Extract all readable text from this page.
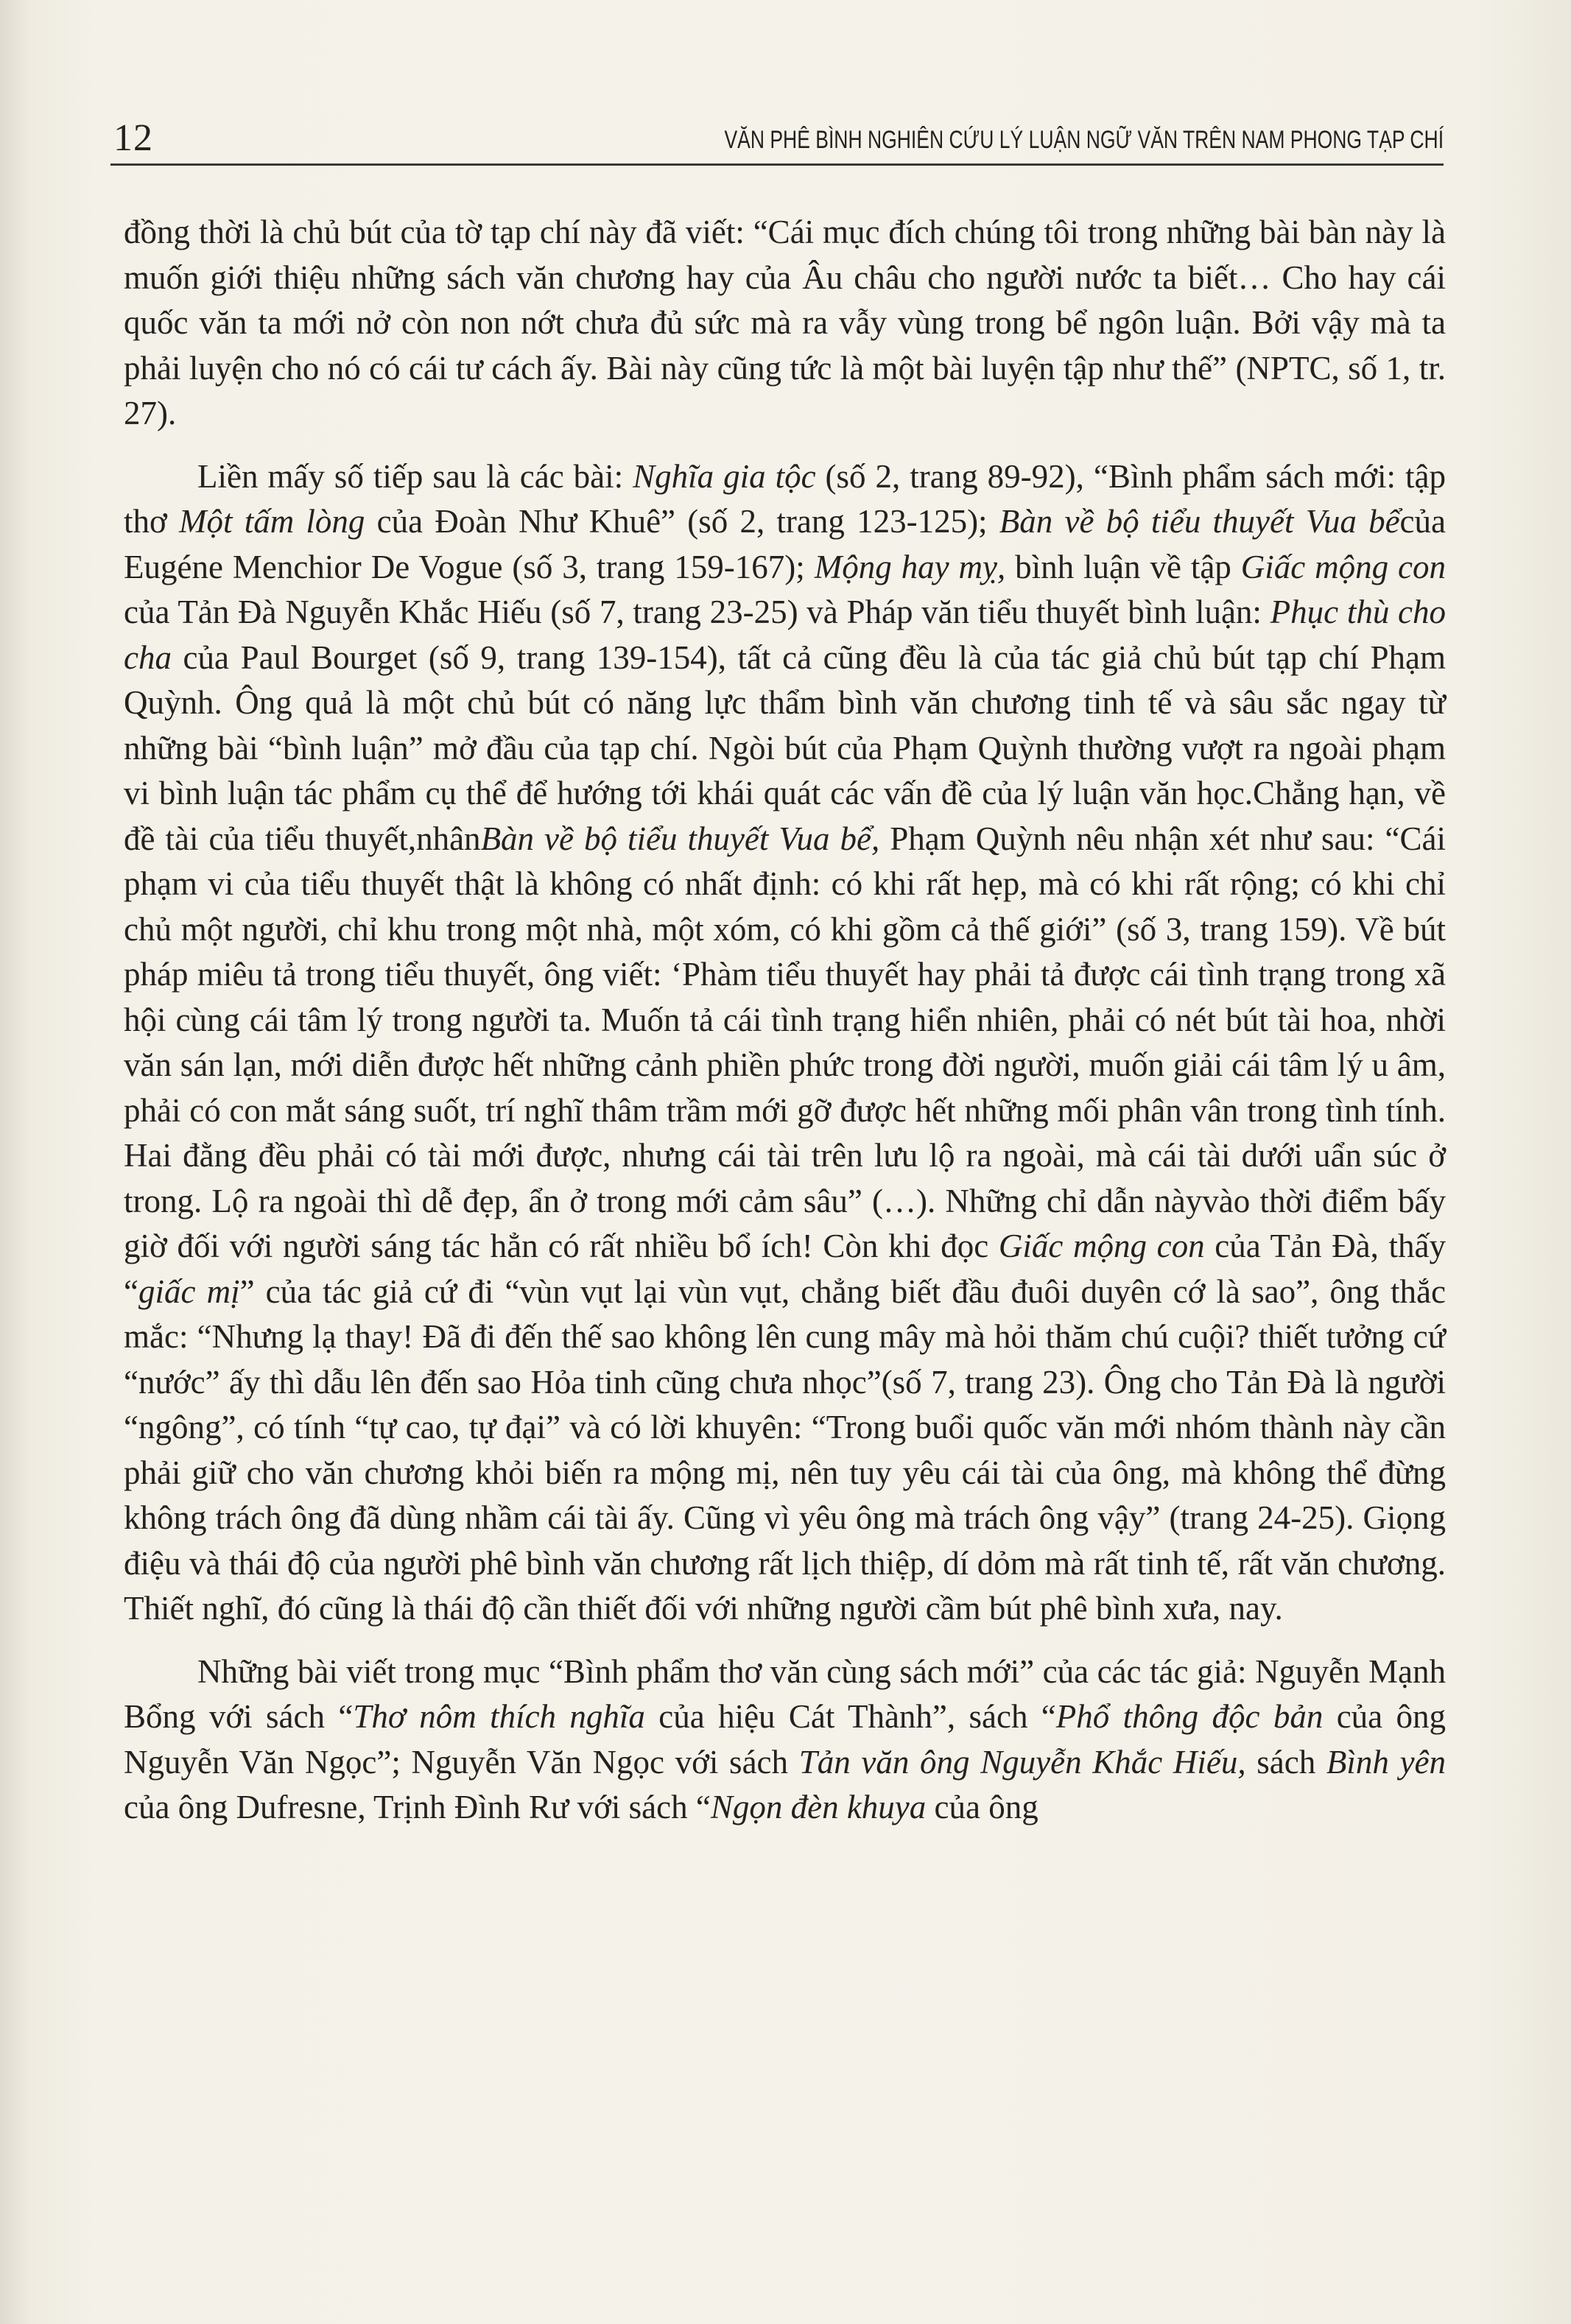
12	VĂN PHÊ BÌNH NGHIÊN CỨU LÝ LUẬN NGỮ VĂN TRÊN NAM PHONG TẠP CHÍ

đồng thời là chủ bút của tờ tạp chí này đã viết: “Cái mục đích chúng tôi trong những bài bàn này là muốn giới thiệu những sách văn chương hay của Âu châu cho người nước ta biết… Cho hay cái quốc văn ta mới nở còn non nớt chưa đủ sức mà ra vẫy vùng trong bể ngôn luận. Bởi vậy mà ta phải luyện cho nó có cái tư cách ấy. Bài này cũng tức là một bài luyện tập như thế” (NPTC, số 1, tr. 27).

Liền mấy số tiếp sau là các bài: Nghĩa gia tộc (số 2, trang 89-92), “Bình phẩm sách mới: tập thơ Một tấm lòng của Đoàn Như Khuê” (số 2, trang 123-125); Bàn về bộ tiểu thuyết Vua bểcủa Eugéne Menchior De Vogue (số 3, trang 159-167); Mộng hay mỵ, bình luận về tập Giấc mộng con của Tản Đà Nguyễn Khắc Hiếu (số 7, trang 23-25) và Pháp văn tiểu thuyết bình luận: Phục thù cho cha của Paul Bourget (số 9, trang 139-154), tất cả cũng đều là của tác giả chủ bút tạp chí Phạm Quỳnh. Ông quả là một chủ bút có năng lực thẩm bình văn chương tinh tế và sâu sắc ngay từ những bài “bình luận” mở đầu của tạp chí. Ngòi bút của Phạm Quỳnh thường vượt ra ngoài phạm vi bình luận tác phẩm cụ thể để hướng tới khái quát các vấn đề của lý luận văn học.Chẳng hạn, về đề tài của tiểu thuyết,nhânBàn về bộ tiểu thuyết Vua bể, Phạm Quỳnh nêu nhận xét như sau: “Cái phạm vi của tiểu thuyết thật là không có nhất định: có khi rất hẹp, mà có khi rất rộng; có khi chỉ chủ một người, chỉ khu trong một nhà, một xóm, có khi gồm cả thế giới” (số 3, trang 159). Về bút pháp miêu tả trong tiểu thuyết, ông viết: ‘Phàm tiểu thuyết hay phải tả được cái tình trạng trong xã hội cùng cái tâm lý trong người ta. Muốn tả cái tình trạng hiển nhiên, phải có nét bút tài hoa, nhời văn sán lạn, mới diễn được hết những cảnh phiền phức trong đời người, muốn giải cái tâm lý u âm, phải có con mắt sáng suốt, trí nghĩ thâm trầm mới gỡ được hết những mối phân vân trong tình tính. Hai đằng đều phải có tài mới được, nhưng cái tài trên lưu lộ ra ngoài, mà cái tài dưới uẩn súc ở trong. Lộ ra ngoài thì dễ đẹp, ẩn ở trong mới cảm sâu” (…). Những chỉ dẫn nàyvào thời điểm bấy giờ đối với người sáng tác hẳn có rất nhiều bổ ích! Còn khi đọc Giấc mộng con của Tản Đà, thấy “giấc mị” của tác giả cứ đi “vùn vụt lại vùn vụt, chẳng biết đầu đuôi duyên cớ là sao”, ông thắc mắc: “Nhưng lạ thay! Đã đi đến thế sao không lên cung mây mà hỏi thăm chú cuội? thiết tưởng cứ “nước” ấy thì dẫu lên đến sao Hỏa tinh cũng chưa nhọc”(số 7, trang 23). Ông cho Tản Đà là người “ngông”, có tính “tự cao, tự đại” và có lời khuyên: “Trong buổi quốc văn mới nhóm thành này cần phải giữ cho văn chương khỏi biến ra mộng mị, nên tuy yêu cái tài của ông, mà không thể đừng không trách ông đã dùng nhầm cái tài ấy. Cũng vì yêu ông mà trách ông vậy” (trang 24-25). Giọng điệu và thái độ của người phê bình văn chương rất lịch thiệp, dí dỏm mà rất tinh tế, rất văn chương. Thiết nghĩ, đó cũng là thái độ cần thiết đối với những người cầm bút phê bình xưa, nay.

Những bài viết trong mục “Bình phẩm thơ văn cùng sách mới” của các tác giả: Nguyễn Mạnh Bổng với sách “Thơ nôm thích nghĩa của hiệu Cát Thành”, sách “Phổ thông độc bản của ông Nguyễn Văn Ngọc”; Nguyễn Văn Ngọc với sách Tản văn ông Nguyễn Khắc Hiếu, sách Bình yên của ông Dufresne, Trịnh Đình Rư với sách “Ngọn đèn khuya của ông
